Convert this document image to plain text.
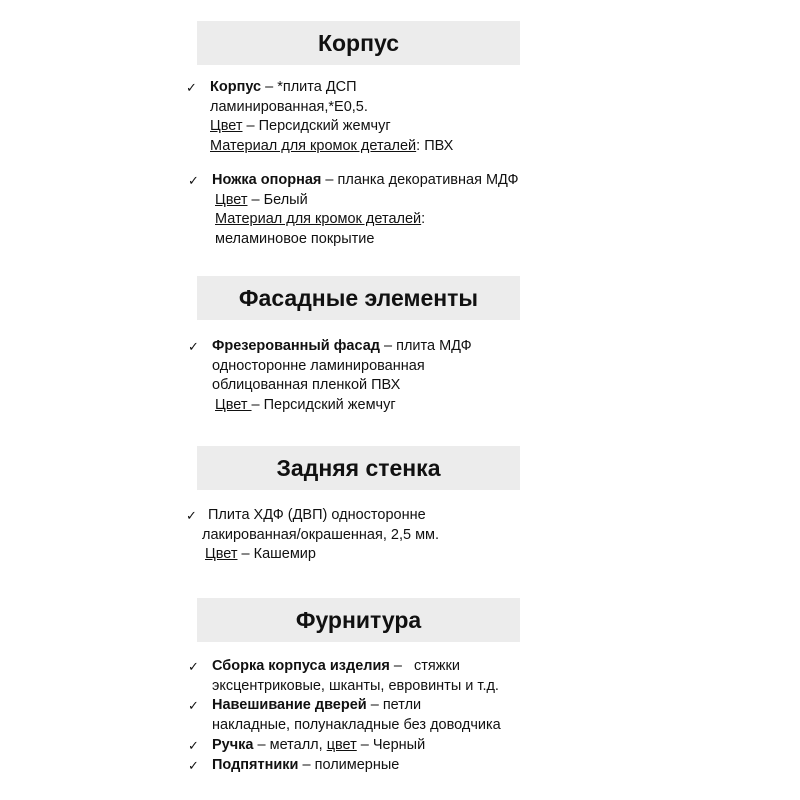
Корпус
✓ Корпус – *плита ДСП
ламинированная,*Е0,5.
Цвет – Персидский жемчуг
Материал для кромок деталей: ПВХ
✓ Ножка опорная – планка декоративная МДФ
Цвет – Белый
Материал для кромок деталей:
меламиновое покрытие
Фасадные элементы
✓ Фрезерованный фасад – плита МДФ
односторонне ламинированная
облицованная пленкой ПВХ
Цвет – Персидский жемчуг
Задняя стенка
✓ Плита ХДФ (ДВП) односторонне
лакированная/окрашенная, 2,5 мм.
Цвет – Кашемир
Фурнитура
✓ Сборка корпуса изделия –   стяжки
эксцентриковые, шканты, евровинты и т.д.
✓ Навешивание дверей – петли
накладные, полунакладные без доводчика
✓ Ручка – металл, цвет – Черный
✓ Подпятники – полимерные
